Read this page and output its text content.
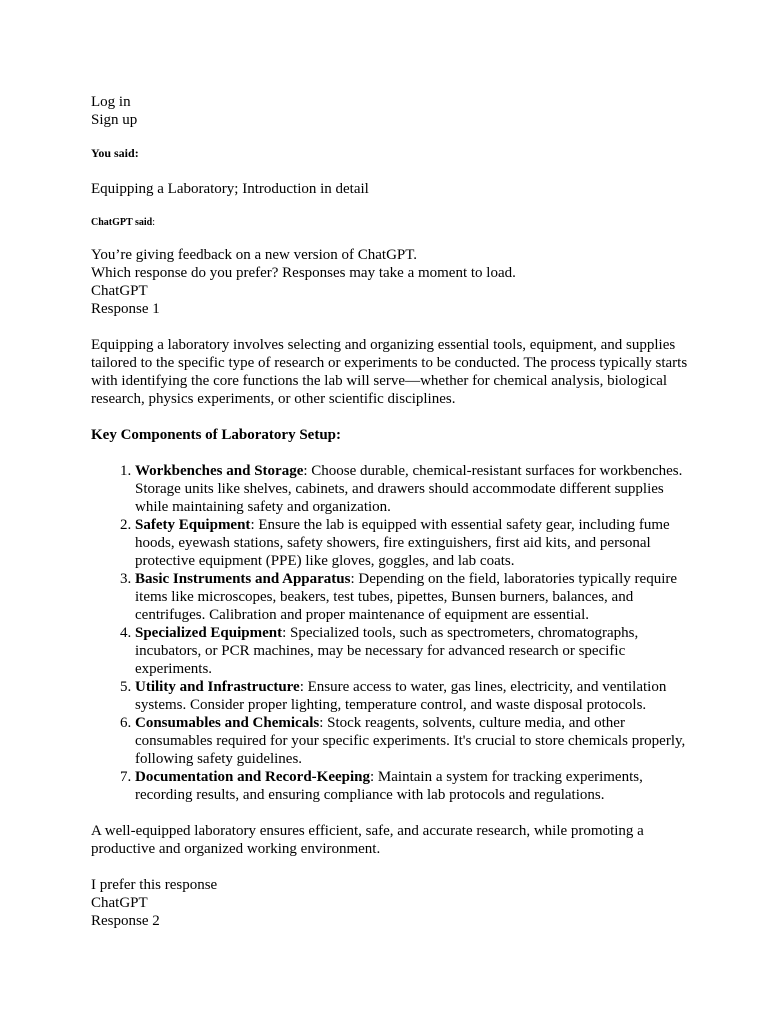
Log in
Sign up
You said:

Equipping a Laboratory; Introduction in detail

ChatGPT said:
You’re giving feedback on a new version of ChatGPT.
Which response do you prefer? Responses may take a moment to load.
ChatGPT
Response 1

Equipping a laboratory involves selecting and organizing essential tools, equipment, and supplies tailored to the specific type of research or experiments to be conducted. The process typically starts with identifying the core functions the lab will serve—whether for chemical analysis, biological research, physics experiments, or other scientific disciplines.

Key Components of Laboratory Setup:

1. Workbenches and Storage: Choose durable, chemical-resistant surfaces for workbenches. Storage units like shelves, cabinets, and drawers should accommodate different supplies while maintaining safety and organization.
2. Safety Equipment: Ensure the lab is equipped with essential safety gear, including fume hoods, eyewash stations, safety showers, fire extinguishers, first aid kits, and personal protective equipment (PPE) like gloves, goggles, and lab coats.
3. Basic Instruments and Apparatus: Depending on the field, laboratories typically require items like microscopes, beakers, test tubes, pipettes, Bunsen burners, balances, and centrifuges. Calibration and proper maintenance of equipment are essential.
4. Specialized Equipment: Specialized tools, such as spectrometers, chromatographs, incubators, or PCR machines, may be necessary for advanced research or specific experiments.
5. Utility and Infrastructure: Ensure access to water, gas lines, electricity, and ventilation systems. Consider proper lighting, temperature control, and waste disposal protocols.
6. Consumables and Chemicals: Stock reagents, solvents, culture media, and other consumables required for your specific experiments. It's crucial to store chemicals properly, following safety guidelines.
7. Documentation and Record-Keeping: Maintain a system for tracking experiments, recording results, and ensuring compliance with lab protocols and regulations.

A well-equipped laboratory ensures efficient, safe, and accurate research, while promoting a productive and organized working environment.

I prefer this response
ChatGPT
Response 2
